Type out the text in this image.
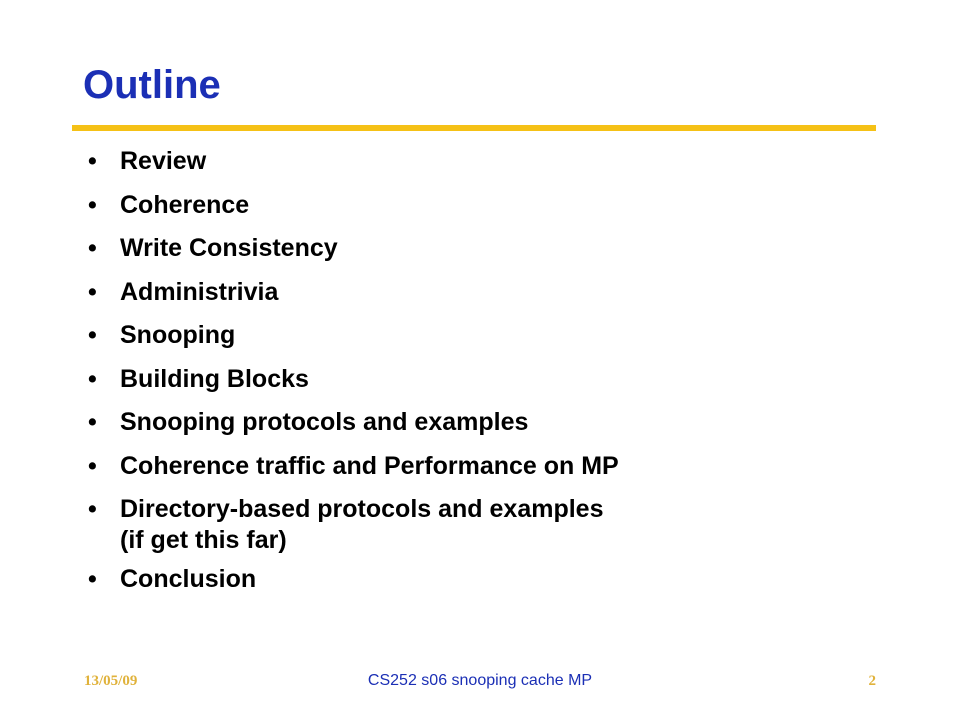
Outline
• Review
• Coherence
• Write Consistency
• Administrivia
• Snooping
• Building Blocks
• Snooping protocols and examples
• Coherence traffic and Performance on MP
• Directory-based protocols and examples
(if get this far)
• Conclusion
13/05/09	CS252 s06 snooping cache MP	2
